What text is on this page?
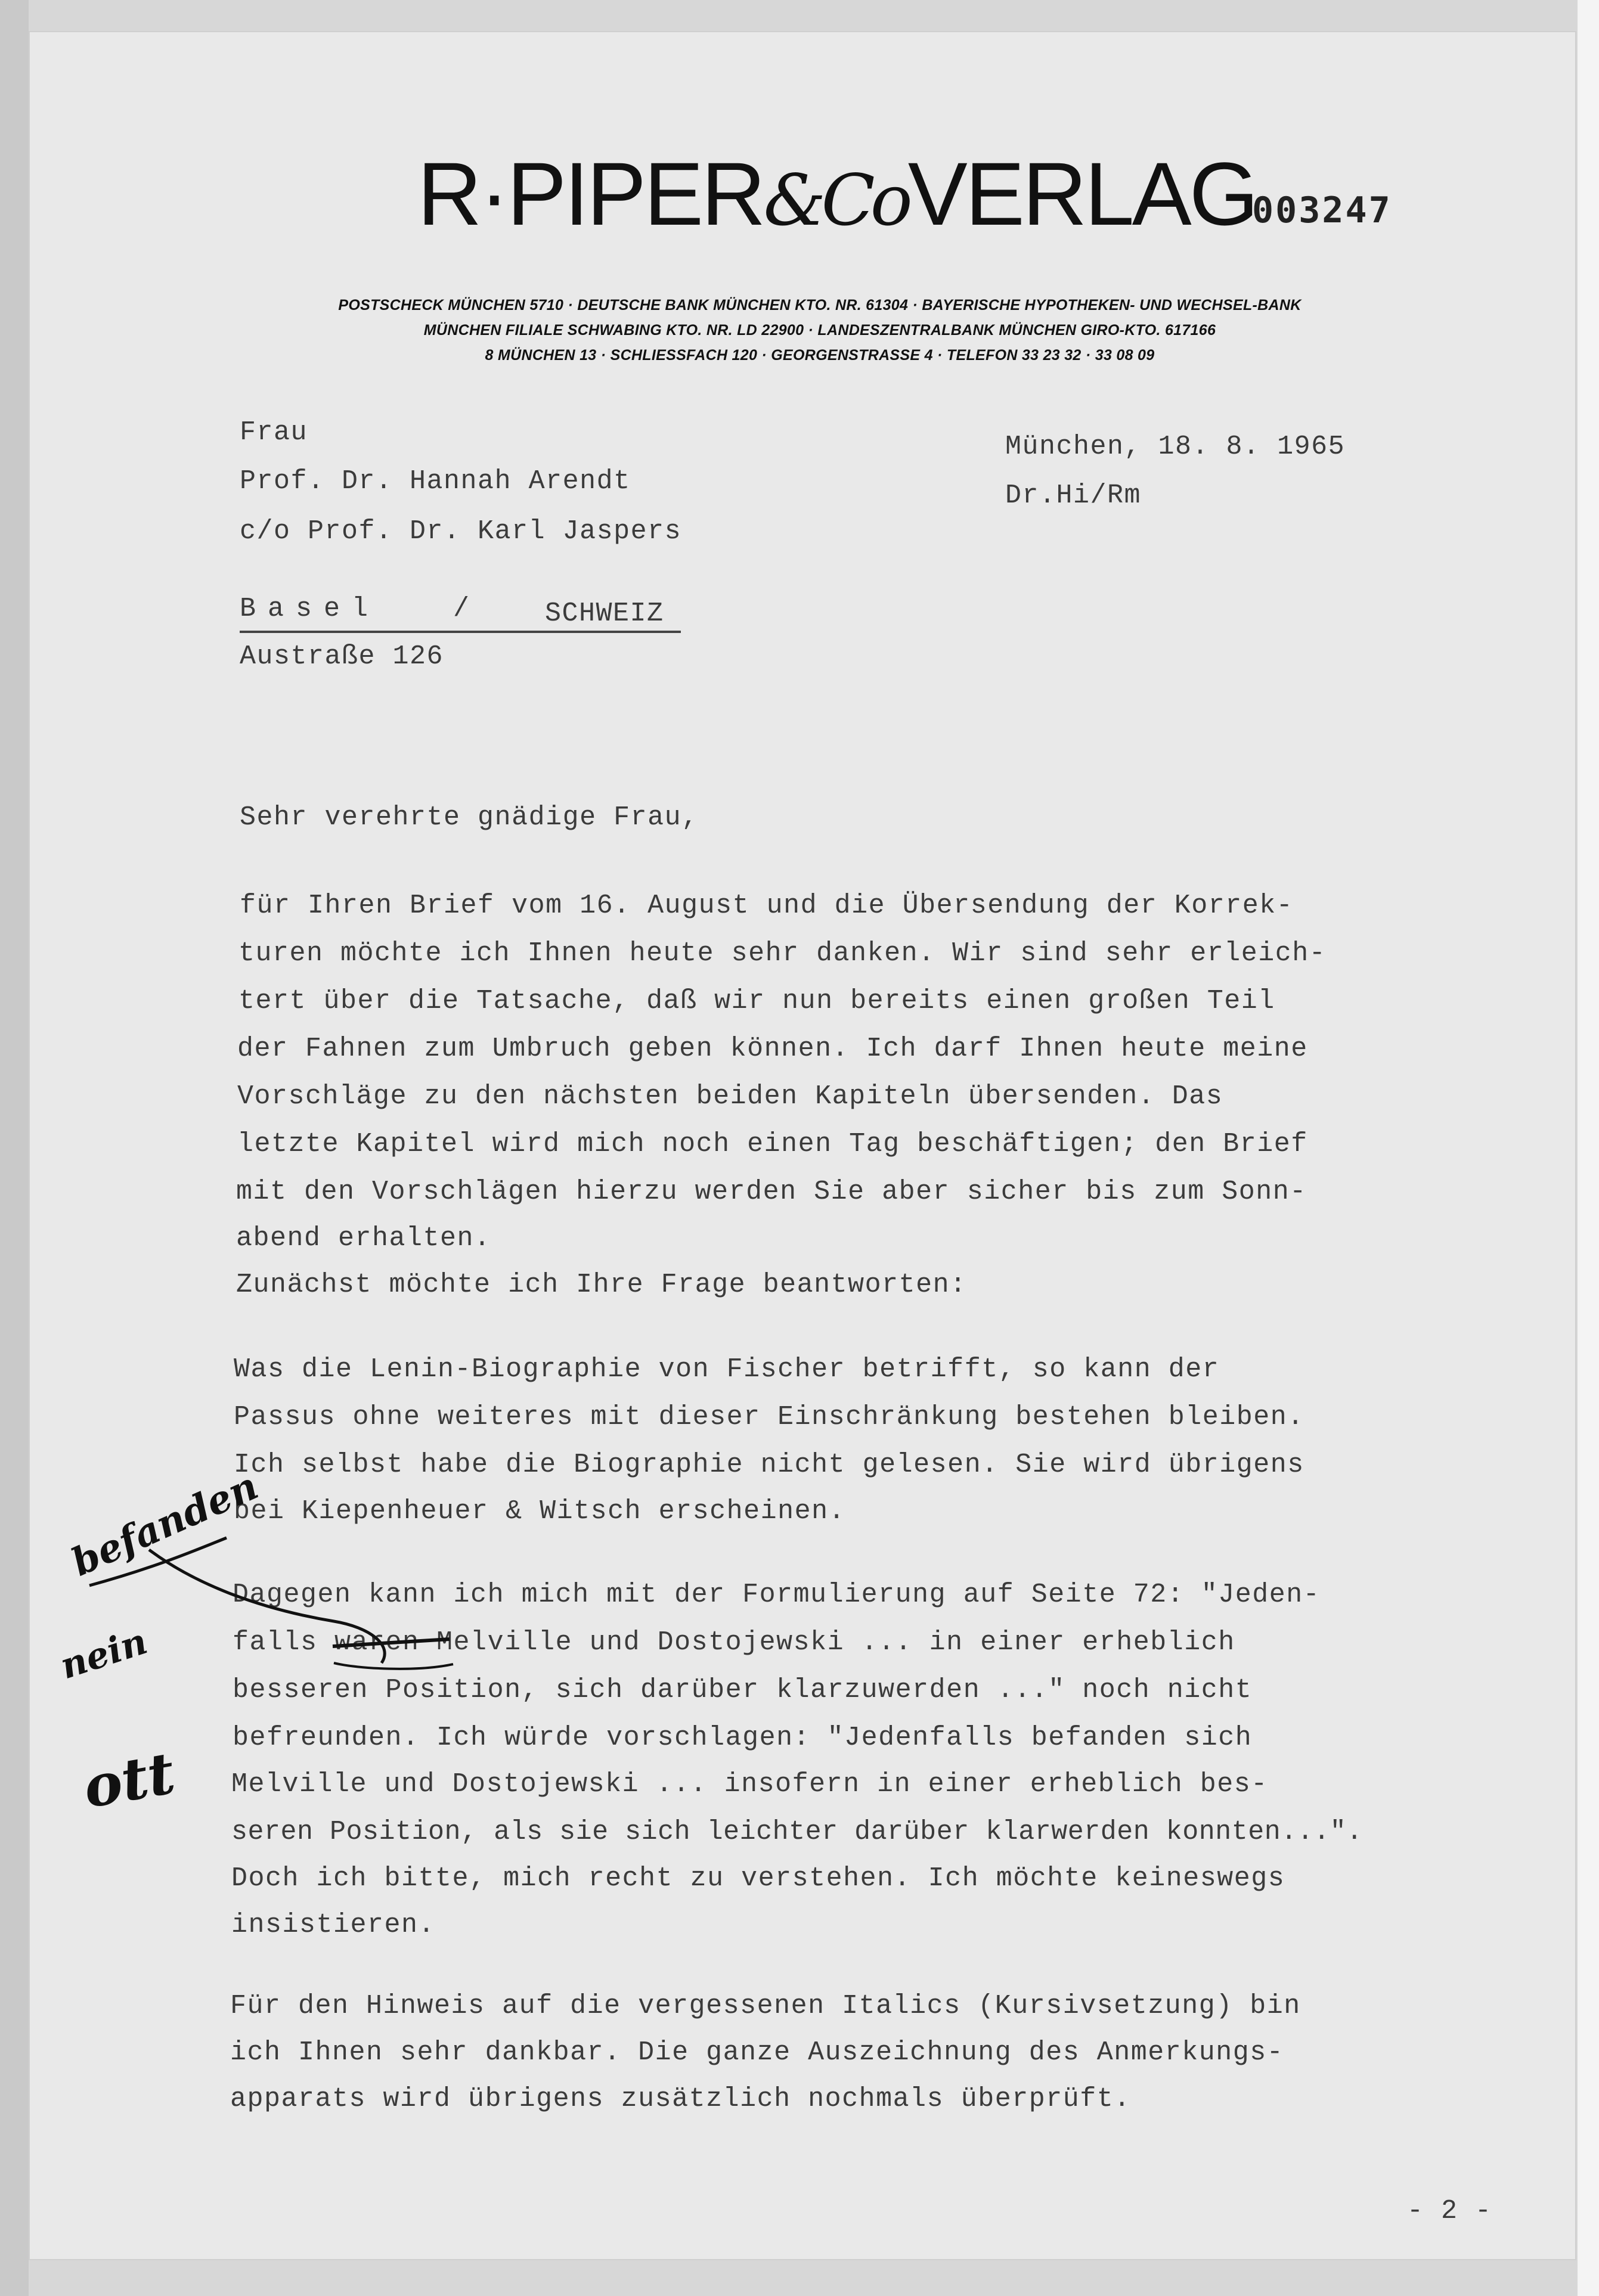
R·PIPER&CoVERLAG
003247
POSTSCHECK MÜNCHEN 5710 · DEUTSCHE BANK MÜNCHEN KTO. NR. 61304 · BAYERISCHE HYPOTHEKEN- UND WECHSEL-BANK
MÜNCHEN FILIALE SCHWABING KTO. NR. LD 22900 · LANDESZENTRALBANK MÜNCHEN GIRO-KTO. 617166
8 MÜNCHEN 13 · SCHLIESSFACH 120 · GEORGENSTRASSE 4 · TELEFON 33 23 32 · 33 08 09
Frau
Prof. Dr. Hannah Arendt
c/o Prof. Dr. Karl Jaspers
Basel	/	SCHWEIZ
Austraße 126
München, 18. 8. 1965
Dr.Hi/Rm
Sehr verehrte gnädige Frau,
für Ihren Brief vom 16. August und die Übersendung der Korrek-
turen möchte ich Ihnen heute sehr danken. Wir sind sehr erleich-
tert über die Tatsache, daß wir nun bereits einen großen Teil
der Fahnen zum Umbruch geben können. Ich darf Ihnen heute meine
Vorschläge zu den nächsten beiden Kapiteln übersenden. Das
letzte Kapitel wird mich noch einen Tag beschäftigen; den Brief
mit den Vorschlägen hierzu werden Sie aber sicher bis zum Sonn-
abend erhalten.
Zunächst möchte ich Ihre Frage beantworten:
Was die Lenin-Biographie von Fischer betrifft, so kann der
Passus ohne weiteres mit dieser Einschränkung bestehen bleiben.
Ich selbst habe die Biographie nicht gelesen. Sie wird übrigens
bei Kiepenheuer & Witsch erscheinen.
Dagegen kann ich mich mit der Formulierung auf Seite 72: "Jeden-
falls waren Melville und Dostojewski ... in einer erheblich
besseren Position, sich darüber klarzuwerden ..." noch nicht
befreunden. Ich würde vorschlagen: "Jedenfalls befanden sich
Melville und Dostojewski ... insofern in einer erheblich bes-
seren Position, als sie sich leichter darüber klarwerden konnten...".
Doch ich bitte, mich recht zu verstehen. Ich möchte keineswegs
insistieren.
Für den Hinweis auf die vergessenen Italics (Kursivsetzung) bin
ich Ihnen sehr dankbar. Die ganze Auszeichnung des Anmerkungs-
apparats wird übrigens zusätzlich nochmals überprüft.
- 2 -
befanden
nein
ott
